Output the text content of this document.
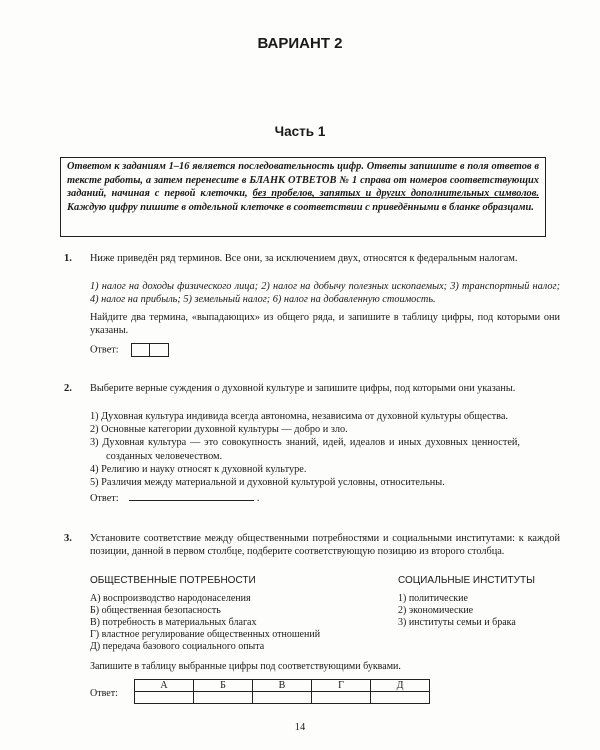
ВАРИАНТ 2
Часть 1
Ответом к заданиям 1–16 является последовательность цифр. Ответы запишите в поля ответов в тексте работы, а затем перенесите в БЛАНК ОТВЕТОВ № 1 справа от номеров соответствующих заданий, начиная с первой клеточки, без пробелов, запятых и других дополнительных символов. Каждую цифру пишите в отдельной клеточке в соответствии с приведёнными в бланке образцами.
1. Ниже приведён ряд терминов. Все они, за исключением двух, относятся к федеральным налогам.
1) налог на доходы физического лица; 2) налог на добычу полезных ископаемых; 3) транспортный налог; 4) налог на прибыль; 5) земельный налог; 6) налог на добавленную стоимость.
Найдите два термина, «выпадающих» из общего ряда, и запишите в таблицу цифры, под которыми они указаны.
Ответ:
2. Выберите верные суждения о духовной культуре и запишите цифры, под которыми они указаны.
1) Духовная культура индивида всегда автономна, независима от духовной культуры общества.
2) Основные категории духовной культуры — добро и зло.
3) Духовная культура — это совокупность знаний, идей, идеалов и иных духовных ценностей, созданных человечеством.
4) Религию и науку относят к духовной культуре.
5) Различия между материальной и духовной культурой условны, относительны.
Ответ:	.
3. Установите соответствие между общественными потребностями и социальными институтами: к каждой позиции, данной в первом столбце, подберите соответствующую позицию из второго столбца.
ОБЩЕСТВЕННЫЕ ПОТРЕБНОСТИ
А) воспроизводство народонаселения
Б) общественная безопасность
В) потребность в материальных благах
Г) властное регулирование общественных отношений
Д) передача базового социального опыта
СОЦИАЛЬНЫЕ ИНСТИТУТЫ
1) политические
2) экономические
3) институты семьи и брака
Запишите в таблицу выбранные цифры под соответствующими буквами.
Ответ:
А	Б	В	Г	Д

14
